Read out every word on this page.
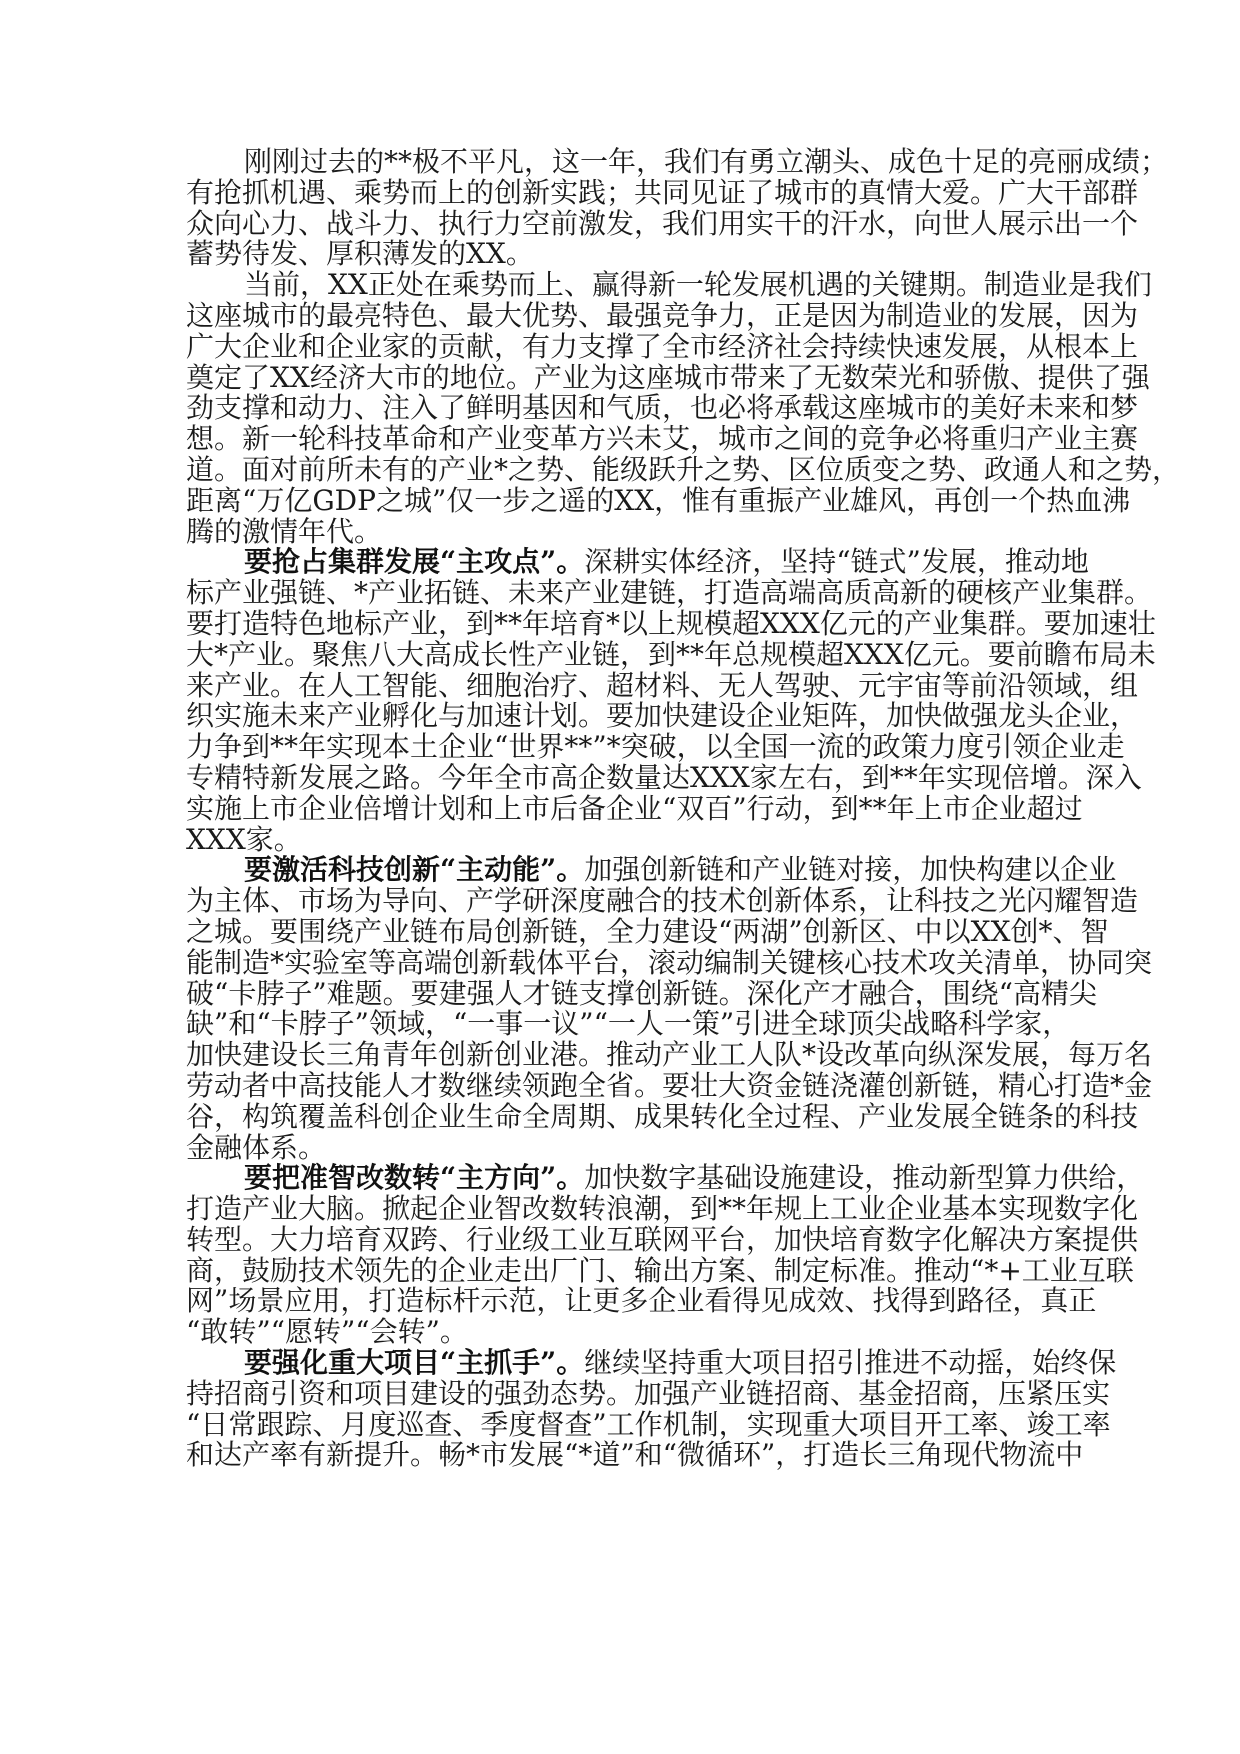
刚刚过去的**极不平凡，这一年，我们有勇立潮头、成色十足的亮丽成绩；
有抢抓机遇、乘势而上的创新实践；共同见证了城市的真情大爱。广大干部群
众向心力、战斗力、执行力空前激发，我们用实干的汗水，向世人展示出一个
蓄势待发、厚积薄发的XX。
当前，XX正处在乘势而上、赢得新一轮发展机遇的关键期。制造业是我们
这座城市的最亮特色、最大优势、最强竞争力，正是因为制造业的发展，因为
广大企业和企业家的贡献，有力支撑了全市经济社会持续快速发展，从根本上
奠定了XX经济大市的地位。产业为这座城市带来了无数荣光和骄傲、提供了强
劲支撑和动力、注入了鲜明基因和气质，也必将承载这座城市的美好未来和梦
想。新一轮科技革命和产业变革方兴未艾，城市之间的竞争必将重归产业主赛
道。面对前所未有的产业*之势、能级跃升之势、区位质变之势、政通人和之势，
距离“万亿GDP之城”仅一步之遥的XX，惟有重振产业雄风，再创一个热血沸
腾的激情年代。
要抢占集群发展“主攻点”。深耕实体经济，坚持“链式”发展，推动地
标产业强链、*产业拓链、未来产业建链，打造高端高质高新的硬核产业集群。
要打造特色地标产业，到**年培育*以上规模超XXX亿元的产业集群。要加速壮
大*产业。聚焦八大高成长性产业链，到**年总规模超XXX亿元。要前瞻布局未
来产业。在人工智能、细胞治疗、超材料、无人驾驶、元宇宙等前沿领域，组
织实施未来产业孵化与加速计划。要加快建设企业矩阵，加快做强龙头企业，
力争到**年实现本土企业“世界**”*突破，以全国一流的政策力度引领企业走
专精特新发展之路。今年全市高企数量达XXX家左右，到**年实现倍增。深入
实施上市企业倍增计划和上市后备企业“双百”行动，到**年上市企业超过
XXX家。
要激活科技创新“主动能”。加强创新链和产业链对接，加快构建以企业
为主体、市场为导向、产学研深度融合的技术创新体系，让科技之光闪耀智造
之城。要围绕产业链布局创新链，全力建设“两湖”创新区、中以XX创*、智
能制造*实验室等高端创新载体平台，滚动编制关键核心技术攻关清单，协同突
破“卡脖子”难题。要建强人才链支撑创新链。深化产才融合，围绕“高精尖
缺”和“卡脖子”领域，“一事一议”“一人一策”引进全球顶尖战略科学家，
加快建设长三角青年创新创业港。推动产业工人队*设改革向纵深发展，每万名
劳动者中高技能人才数继续领跑全省。要壮大资金链浇灌创新链，精心打造*金
谷，构筑覆盖科创企业生命全周期、成果转化全过程、产业发展全链条的科技
金融体系。
要把准智改数转“主方向”。加快数字基础设施建设，推动新型算力供给，
打造产业大脑。掀起企业智改数转浪潮，到**年规上工业企业基本实现数字化
转型。大力培育双跨、行业级工业互联网平台，加快培育数字化解决方案提供
商，鼓励技术领先的企业走出厂门、输出方案、制定标准。推动“*+工业互联
网”场景应用，打造标杆示范，让更多企业看得见成效、找得到路径，真正
“敢转”“愿转”“会转”。
要强化重大项目“主抓手”。继续坚持重大项目招引推进不动摇，始终保
持招商引资和项目建设的强劲态势。加强产业链招商、基金招商，压紧压实
“日常跟踪、月度巡查、季度督查”工作机制，实现重大项目开工率、竣工率
和达产率有新提升。畅*市发展“*道”和“微循环”，打造长三角现代物流中
